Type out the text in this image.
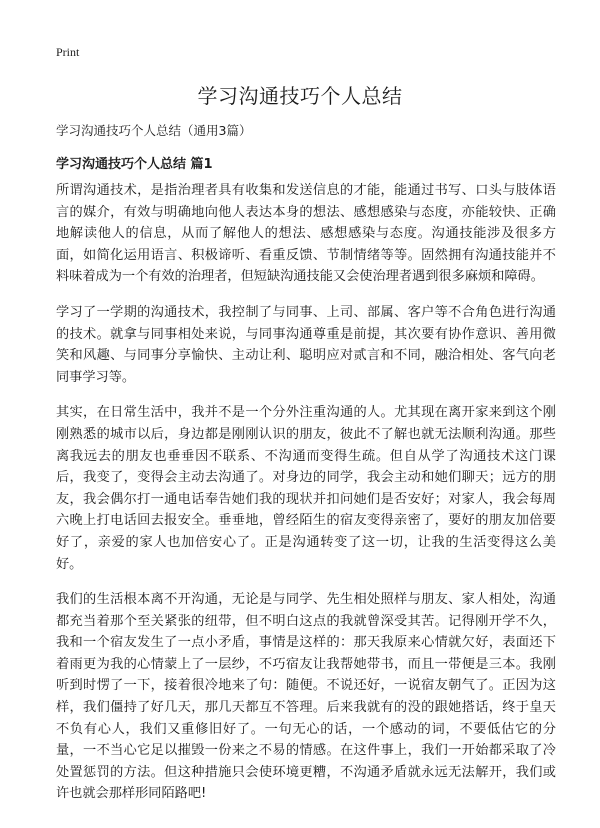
Print
学习沟通技巧个人总结

学习沟通技巧个人总结（通用3篇）

学习沟通技巧个人总结 篇1

所谓沟通技术，是指治理者具有收集和发送信息的才能，能通过书写、口头与肢体语言的媒介，有效与明确地向他人表达本身的想法、感想感染与态度，亦能较快、正确地解读他人的信息，从而了解他人的想法、感想感染与态度。沟通技能涉及很多方面，如简化运用语言、积极谛听、看重反馈、节制情绪等等。固然拥有沟通技能并不料味着成为一个有效的治理者，但短缺沟通技能又会使治理者遇到很多麻烦和障碍。

学习了一学期的沟通技术，我控制了与同事、上司、部属、客户等不合角色进行沟通的技术。就拿与同事相处来说，与同事沟通尊重是前提，其次要有协作意识、善用微笑和风趣、与同事分享愉快、主动让利、聪明应对贰言和不同，融洽相处、客气向老同事学习等。

其实，在日常生活中，我并不是一个分外注重沟通的人。尤其现在离开家来到这个刚刚熟悉的城市以后，身边都是刚刚认识的朋友，彼此不了解也就无法顺利沟通。那些离我远去的朋友也垂垂因不联系、不沟通而变得生疏。但自从学了沟通技术这门课后，我变了，变得会主动去沟通了。对身边的同学，我会主动和她们聊天；远方的朋友，我会偶尔打一通电话奉告她们我的现状并扣问她们是否安好；对家人，我会每周六晚上打电话回去报安全。垂垂地，曾经陌生的宿友变得亲密了，要好的朋友加倍要好了，亲爱的家人也加倍安心了。正是沟通转变了这一切，让我的生活变得这么美好。

我们的生活根本离不开沟通，无论是与同学、先生相处照样与朋友、家人相处，沟通都充当着那个至关紧张的纽带，但不明白这点的我就曾深受其苦。记得刚开学不久，我和一个宿友发生了一点小矛盾，事情是这样的：那天我原来心情就欠好，表面还下着雨更为我的心情蒙上了一层纱，不巧宿友让我帮她带书，而且一带便是三本。我刚听到时愣了一下，接着很冷地来了句：随便。不说还好，一说宿友朝气了。正因为这样，我们僵持了好几天，那几天都互不答理。后来我就有的没的跟她搭话，终于皇天不负有心人，我们又重修旧好了。一句无心的话，一个感动的词，不要低估它的分量，一不当心它足以摧毁一份来之不易的情感。在这件事上，我们一开始都采取了冷处置惩罚的方法。但这种措施只会使环境更糟，不沟通矛盾就永远无法解开，我们或许也就会那样形同陌路吧!
